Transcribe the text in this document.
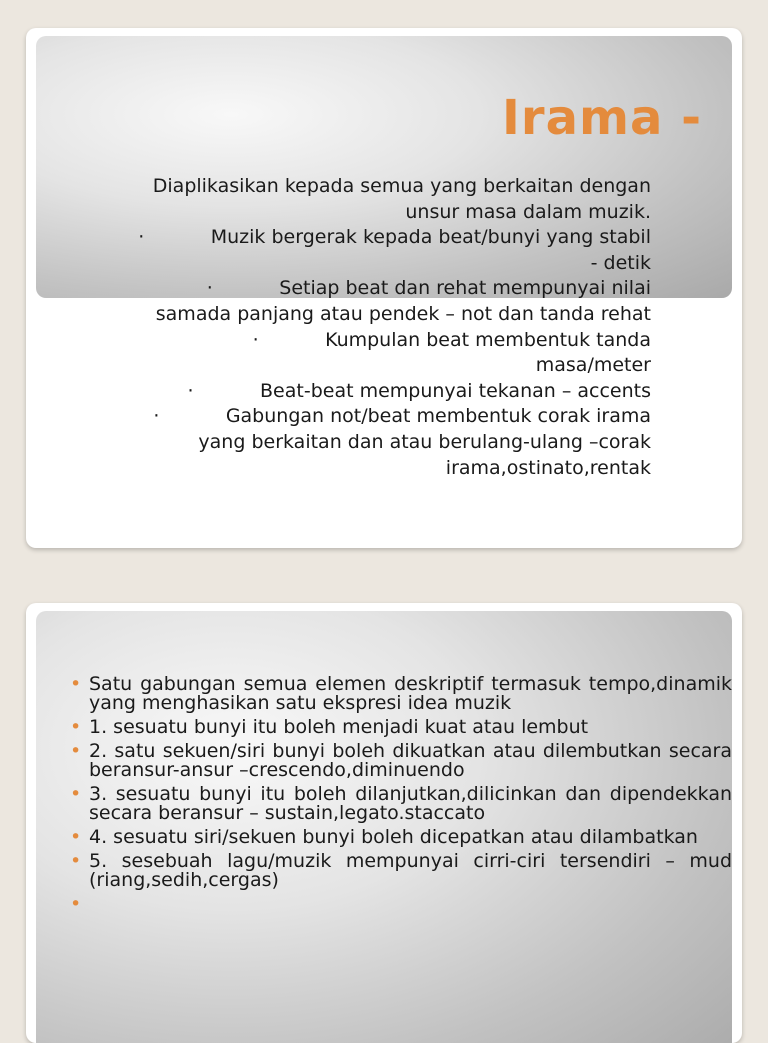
Irama -
Diaplikasikan kepada semua yang berkaitan dengan unsur masa dalam muzik.
·	Muzik bergerak kepada beat/bunyi yang stabil - detik
·	Setiap beat dan rehat mempunyai nilai samada panjang atau pendek – not dan tanda rehat
·	Kumpulan beat membentuk tanda masa/meter
·	Beat-beat mempunyai tekanan – accents
·	Gabungan not/beat membentuk corak irama yang berkaitan dan atau berulang-ulang –corak irama,ostinato,rentak
• Satu gabungan semua elemen deskriptif termasuk tempo,dinamik yang menghasikan satu ekspresi idea muzik
• 1. sesuatu bunyi itu boleh menjadi kuat atau lembut
• 2. satu sekuen/siri bunyi boleh dikuatkan atau dilembutkan secara beransur-ansur –crescendo,diminuendo
• 3. sesuatu bunyi itu boleh dilanjutkan,dilicinkan dan dipendekkan secara beransur – sustain,legato.staccato
• 4. sesuatu siri/sekuen bunyi boleh dicepatkan atau dilambatkan
• 5. sesebuah lagu/muzik mempunyai cirri-ciri tersendiri – mud (riang,sedih,cergas)
•
